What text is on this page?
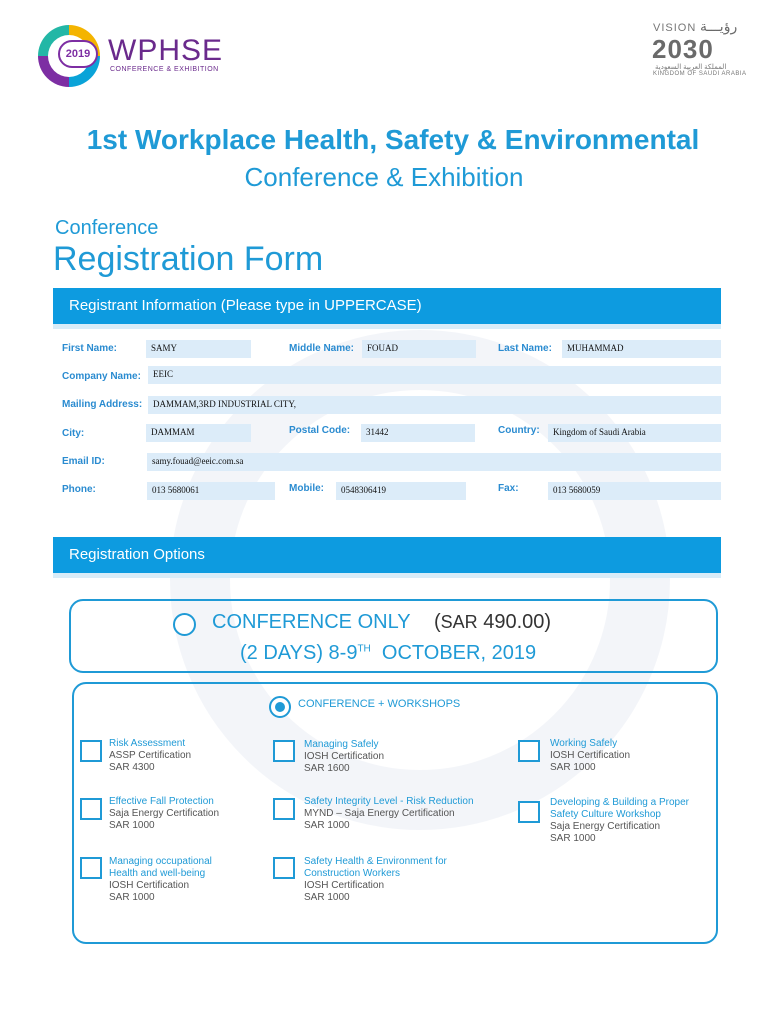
2019 WPHSE
CONFERENCE & EXHIBITION
VISION رؤيـــة
2030
المملكة العربية السعودية
KINGDOM OF SAUDI ARABIA
1st Workplace Health, Safety & Environmental
Conference & Exhibition
Conference
Registration Form
Registrant Information (Please type in UPPERCASE)
First Name:	SAMY	Middle Name:	FOUAD	Last Name:	MUHAMMAD
Company Name:	EEIC
Mailing Address:	DAMMAM,3RD INDUSTRIAL CITY,
City:	DAMMAM	Postal Code:	31442	Country:	Kingdom of Saudi Arabia
Email ID:	samy.fouad@eeic.com.sa
Phone:	013 5680061	Mobile:	0548306419	Fax:	013 5680059
Registration Options
CONFERENCE ONLY (SAR 490.00)
(2 DAYS) 8-9TH OCTOBER, 2019
CONFERENCE + WORKSHOPS
Risk Assessment
ASSP Certification
SAR 4300
Managing Safely
IOSH Certification
SAR 1600
Working Safely
IOSH Certification
SAR 1000
Effective Fall Protection
Saja Energy Certification
SAR 1000
Safety Integrity Level - Risk Reduction
MYND – Saja Energy Certification
SAR 1000
Developing & Building a Proper
Safety Culture Workshop
Saja Energy Certification
SAR 1000
Managing occupational
Health and well-being
IOSH Certification
SAR 1000
Safety Health & Environment for
Construction Workers
IOSH Certification
SAR 1000
